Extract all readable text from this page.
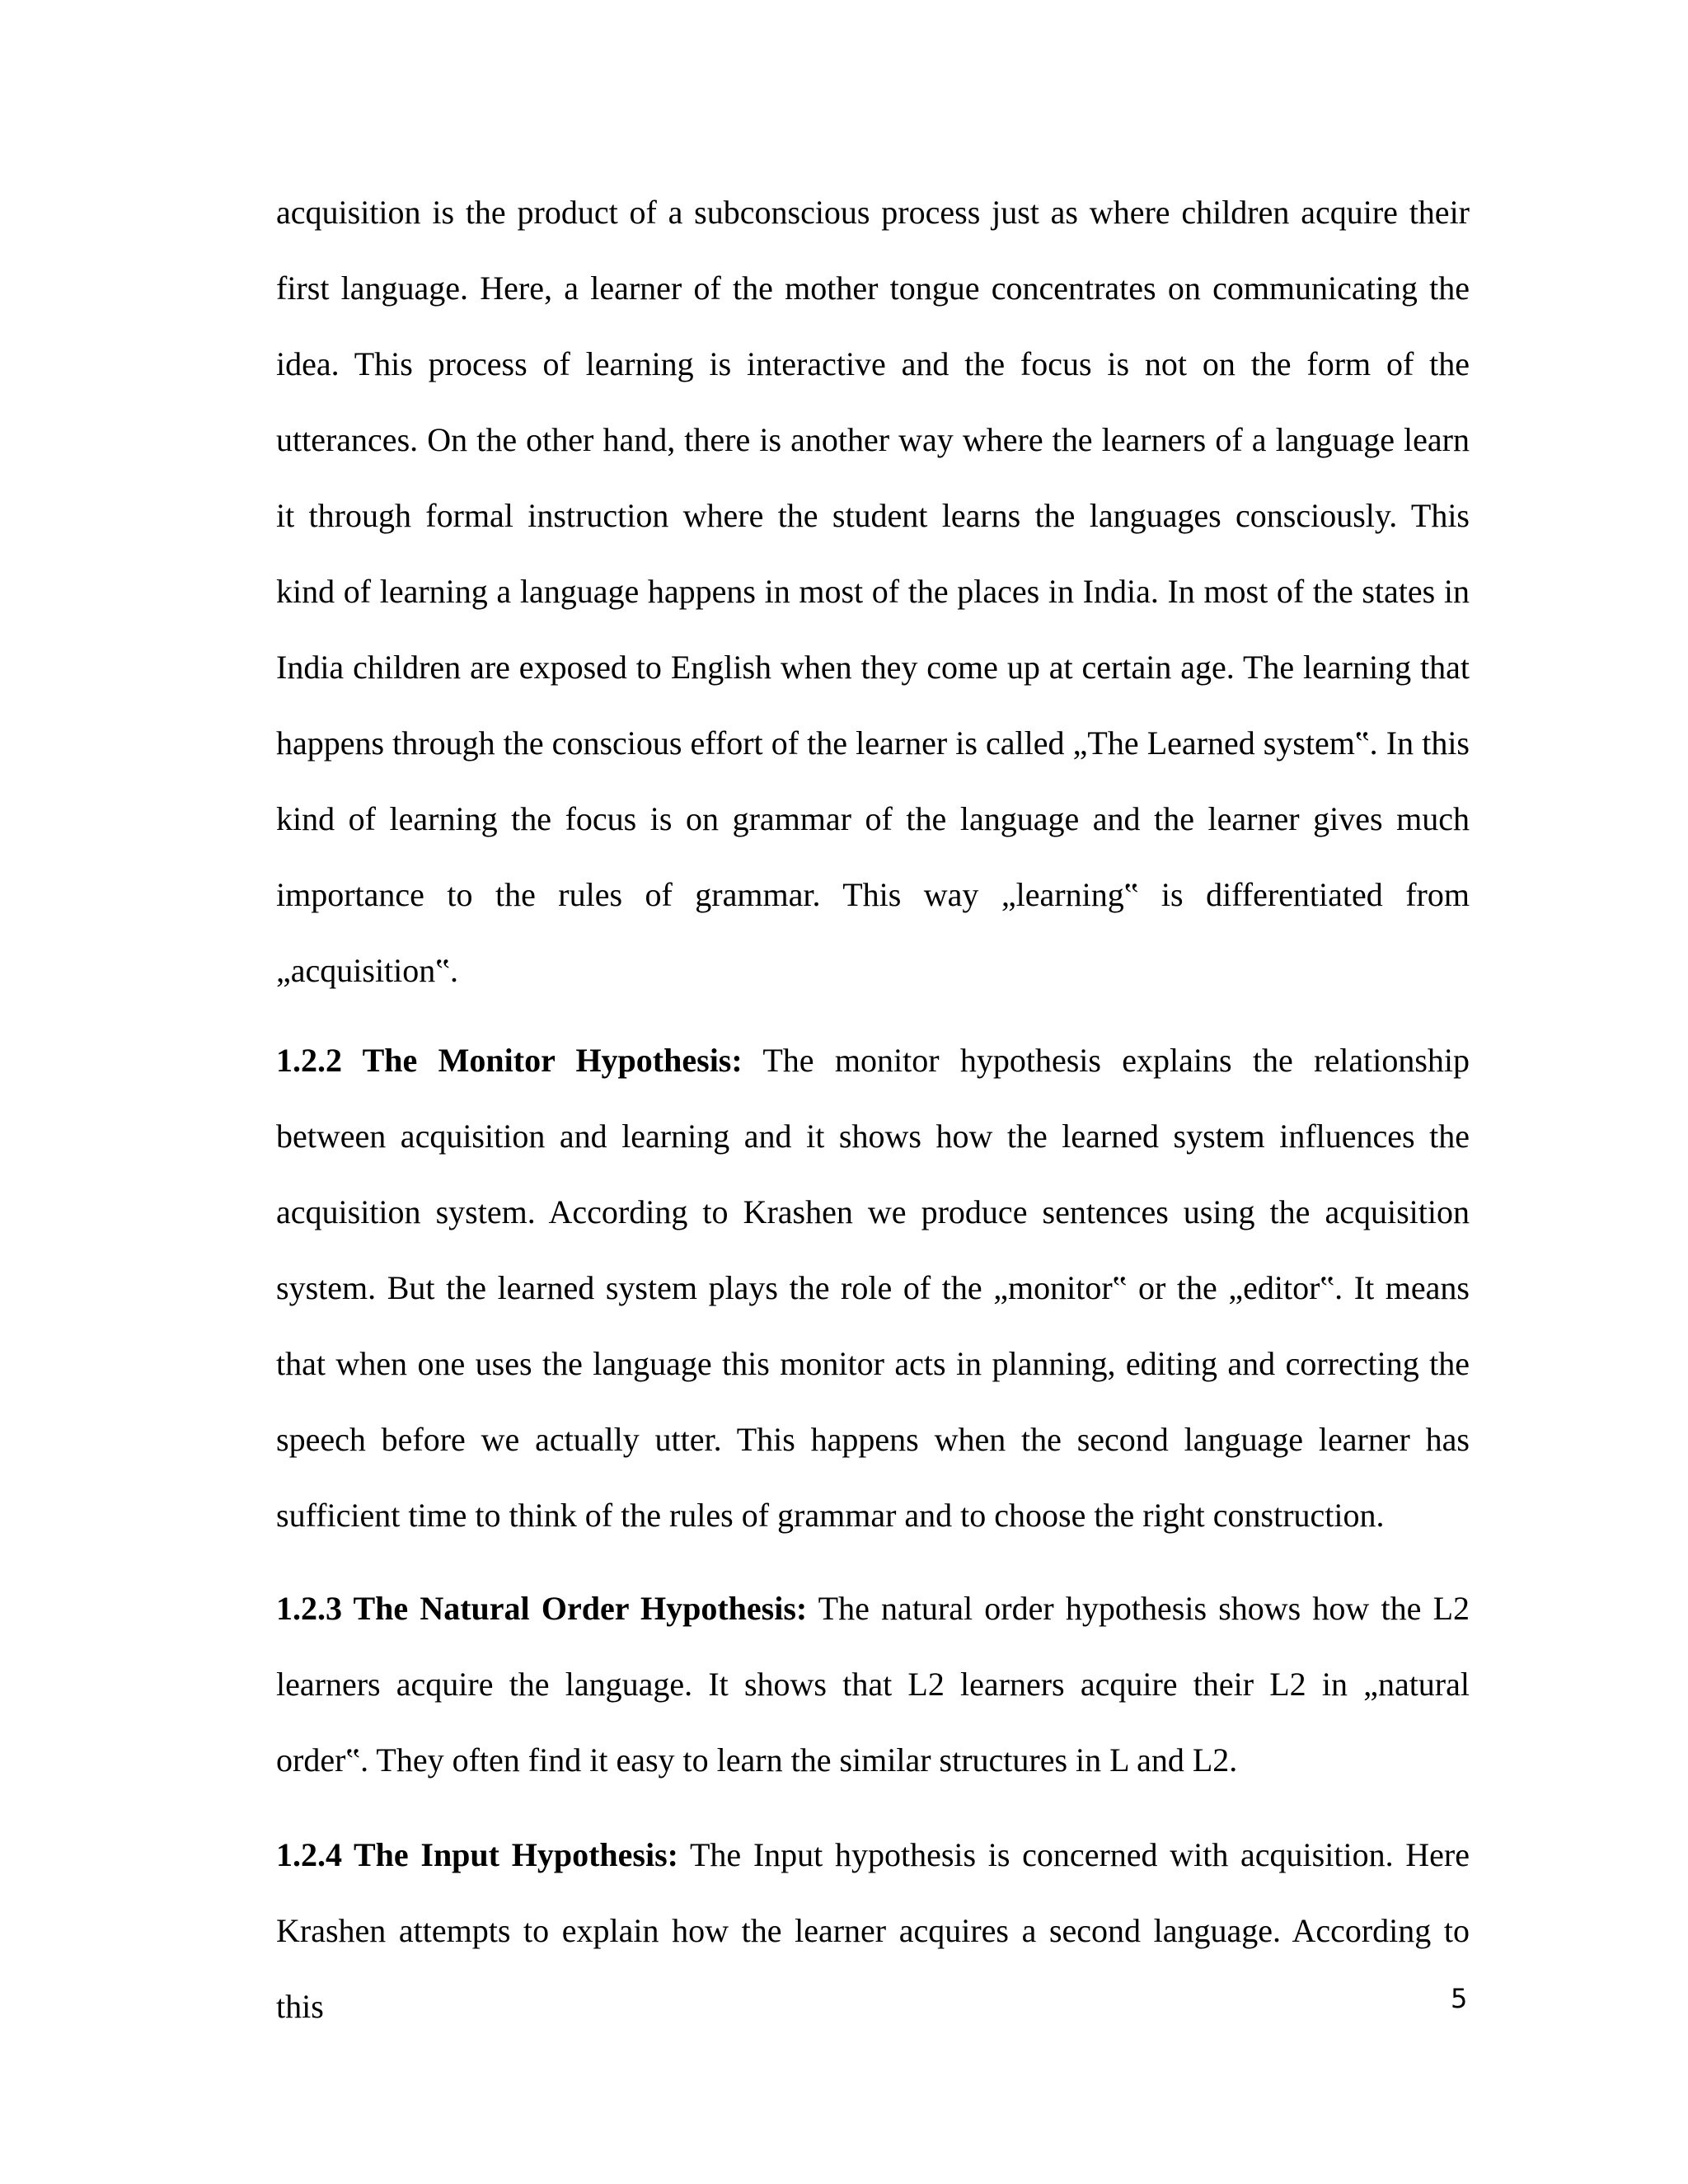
acquisition is the product of a subconscious process just as where children acquire their first language. Here, a learner of the mother tongue concentrates on communicating the idea. This process of learning is interactive and the focus is not on the form of the utterances. On the other hand, there is another way where the learners of a language learn it through formal instruction where the student learns the languages consciously. This kind of learning a language happens in most of the places in India. In most of the states in India children are exposed to English when they come up at certain age. The learning that happens through the conscious effort of the learner is called „The Learned system‟. In this kind of learning the focus is on grammar of the language and the learner gives much importance to the rules of grammar. This way „learning‟ is differentiated from „acquisition‟.

1.2.2 The Monitor Hypothesis: The monitor hypothesis explains the relationship between acquisition and learning and it shows how the learned system influences the acquisition system. According to Krashen we produce sentences using the acquisition system. But the learned system plays the role of the „monitor‟ or the „editor‟. It means that when one uses the language this monitor acts in planning, editing and correcting the speech before we actually utter. This happens when the second language learner has sufficient time to think of the rules of grammar and to choose the right construction.

1.2.3 The Natural Order Hypothesis: The natural order hypothesis shows how the L2 learners acquire the language. It shows that L2 learners acquire their L2 in „natural order‟. They often find it easy to learn the similar structures in L and L2.

1.2.4 The Input Hypothesis: The Input hypothesis is concerned with acquisition. Here Krashen attempts to explain how the learner acquires a second language. According to this	5
